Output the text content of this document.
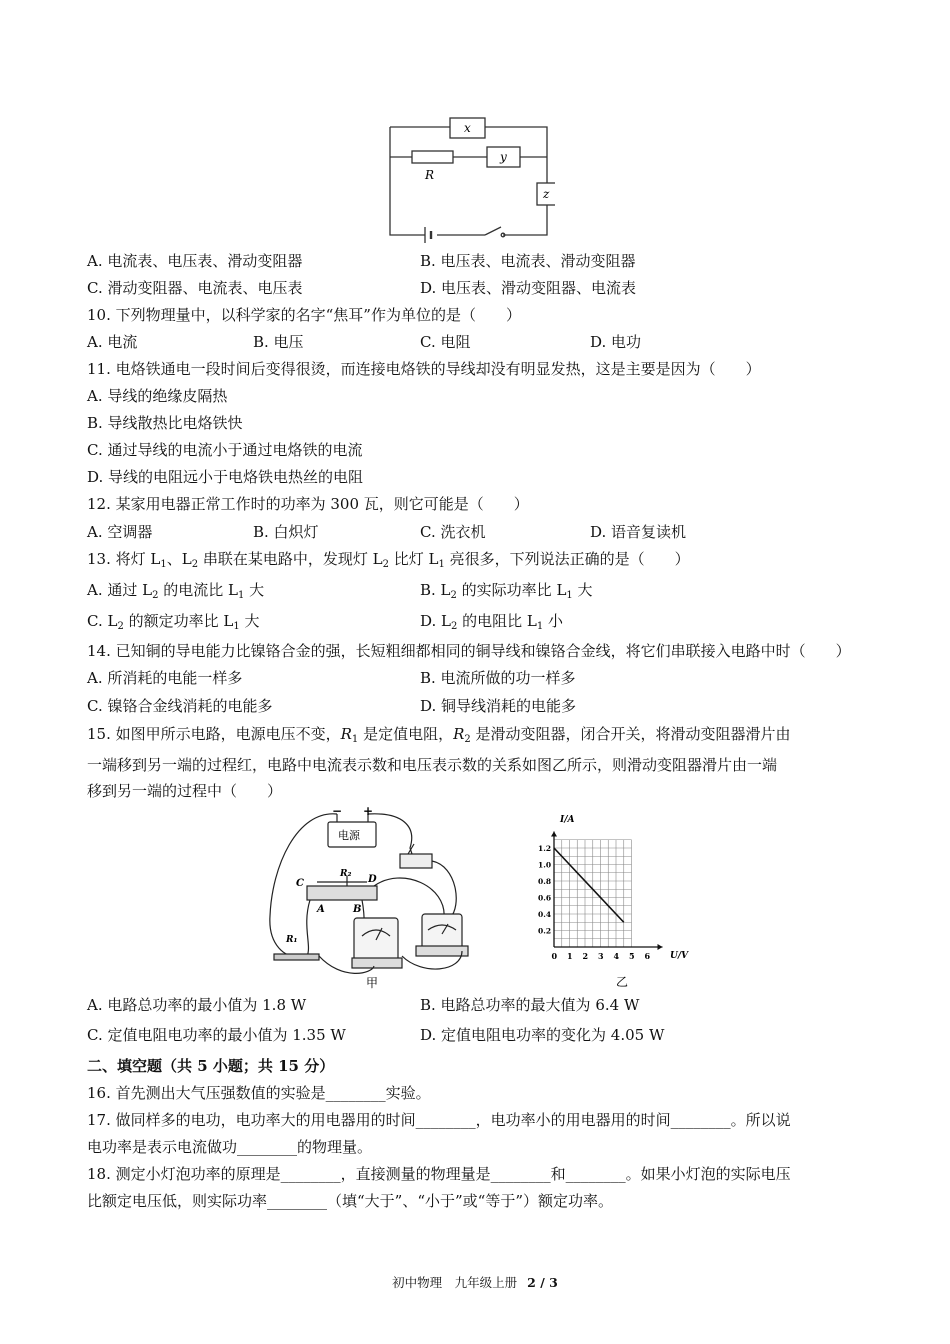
x
y
z
R
A. 电流表、电压表、滑动变阻器	B. 电压表、电流表、滑动变阻器
C. 滑动变阻器、电流表、电压表	D. 电压表、滑动变阻器、电流表
10. 下列物理量中，以科学家的名字“焦耳”作为单位的是（　　）
A. 电流	B. 电压	C. 电阻	D. 电功
11. 电烙铁通电一段时间后变得很烫，而连接电烙铁的导线却没有明显发热，这是主要是因为（　　）
A. 导线的绝缘皮隔热
B. 导线散热比电烙铁快
C. 通过导线的电流小于通过电烙铁的电流
D. 导线的电阻远小于电烙铁电热丝的电阻
12. 某家用电器正常工作时的功率为 300 瓦，则它可能是（　　）
A. 空调器	B. 白炽灯	C. 洗衣机	D. 语音复读机
13. 将灯 $L_1$、$L_2$ 串联在某电路中，发现灯 $L_2$ 比灯 $L_1$ 亮很多，下列说法正确的是（　　）
A. 通过 $L_2$ 的电流比 $L_1$ 大	B. $L_2$ 的实际功率比 $L_1$ 大
C. $L_2$ 的额定功率比 $L_1$ 大	D. $L_2$ 的电阻比 $L_1$ 小
14. 已知铜的导电能力比镍铬合金的强，长短粗细都相同的铜导线和镍铬合金线，将它们串联接入电路中时（　　）
A. 所消耗的电能一样多	B. 电流所做的功一样多
C. 镍铬合金线消耗的电能多	D. 铜导线消耗的电能多
15. 如图甲所示电路，电源电压不变，$R_1$ 是定值电阻，$R_2$ 是滑动变阻器，闭合开关，将滑动变阻器滑片由
一端移到另一端的过程红，电路中电流表示数和电压表示数的关系如图乙所示，则滑动变阻器滑片由一端
移到另一端的过程中（　　）
电源
− +
C
R₂ D
A	B
R₁
甲
0 1 2 3 4 5 6
0.2
0.4
0.6
0.8
1.0
1.2
I/A
U/V
乙
A. 电路总功率的最小值为 1.8 W	B. 电路总功率的最大值为 6.4 W
C. 定值电阻电功率的最小值为 1.35 W	D. 定值电阻电功率的变化为 4.05 W
二、填空题（共 5 小题；共 15 分）
16. 首先测出大气压强数值的实验是________实验。
17. 做同样多的电功，电功率大的用电器用的时间________，电功率小的用电器用的时间________。所以说
电功率是表示电流做功________的物理量。
18. 测定小灯泡功率的原理是________，直接测量的物理量是________和________。如果小灯泡的实际电压
比额定电压低，则实际功率________（填“大于”、“小于”或“等于”）额定功率。
初中物理　九年级上册 2 / 3
